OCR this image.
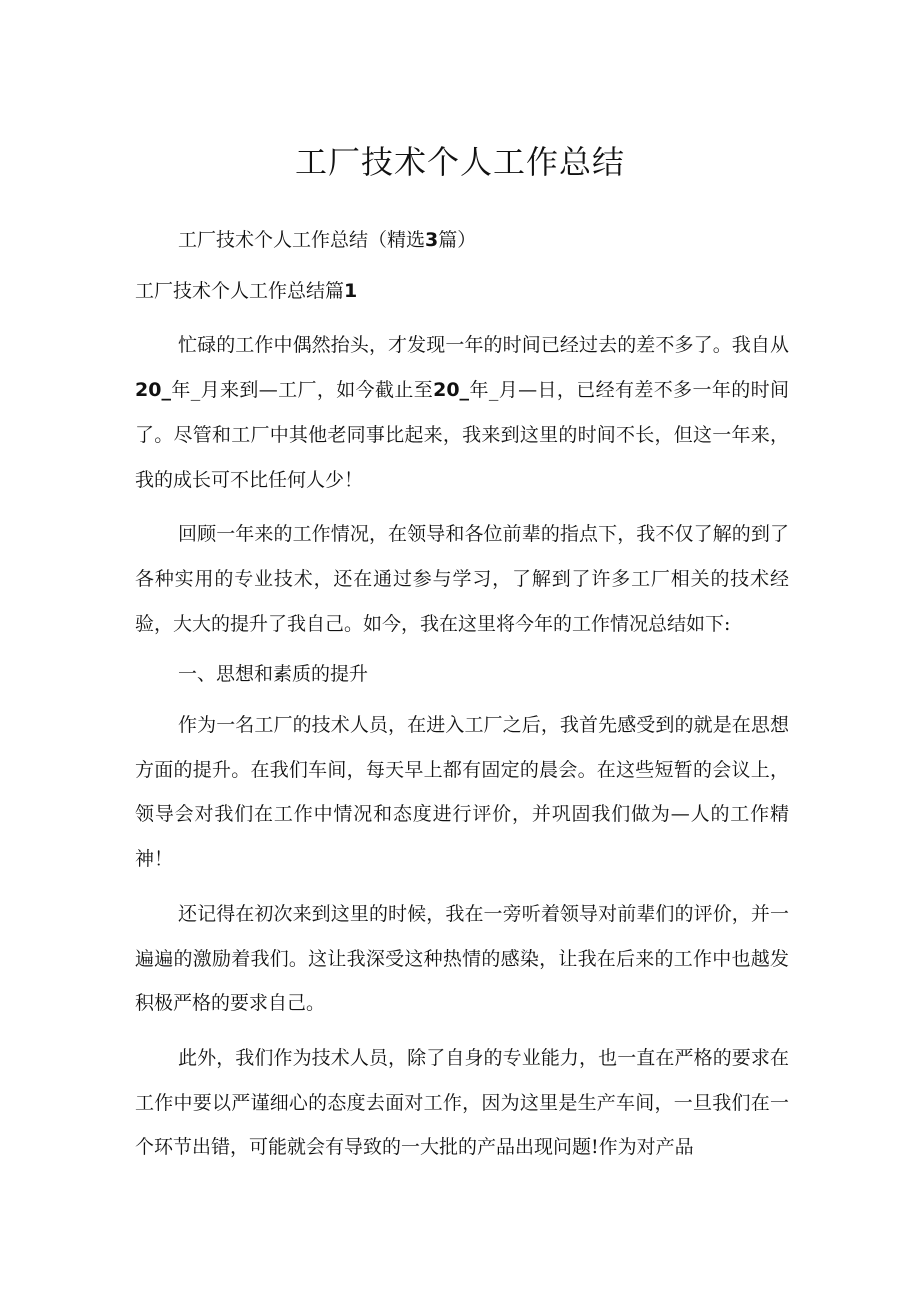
工厂技术个人工作总结

工厂技术个人工作总结（精选3篇）

工厂技术个人工作总结篇1

忙碌的工作中偶然抬头，才发现一年的时间已经过去的差不多了。我自从20_年_月来到—工厂，如今截止至20_年_月—日，已经有差不多一年的时间了。尽管和工厂中其他老同事比起来，我来到这里的时间不长，但这一年来，我的成长可不比任何人少！

回顾一年来的工作情况，在领导和各位前辈的指点下，我不仅了解的到了各种实用的专业技术，还在通过参与学习，了解到了许多工厂相关的技术经验，大大的提升了我自己。如今，我在这里将今年的工作情况总结如下:

一、思想和素质的提升

作为一名工厂的技术人员，在进入工厂之后，我首先感受到的就是在思想方面的提升。在我们车间，每天早上都有固定的晨会。在这些短暂的会议上，领导会对我们在工作中情况和态度进行评价，并巩固我们做为—人的工作精神！

还记得在初次来到这里的时候，我在一旁听着领导对前辈们的评价，并一遍遍的激励着我们。这让我深受这种热情的感染，让我在后来的工作中也越发积极严格的要求自己。

此外，我们作为技术人员，除了自身的专业能力，也一直在严格的要求在工作中要以严谨细心的态度去面对工作，因为这里是生产车间，一旦我们在一个环节出错，可能就会有导致的一大批的产品出现问题!作为对产品
